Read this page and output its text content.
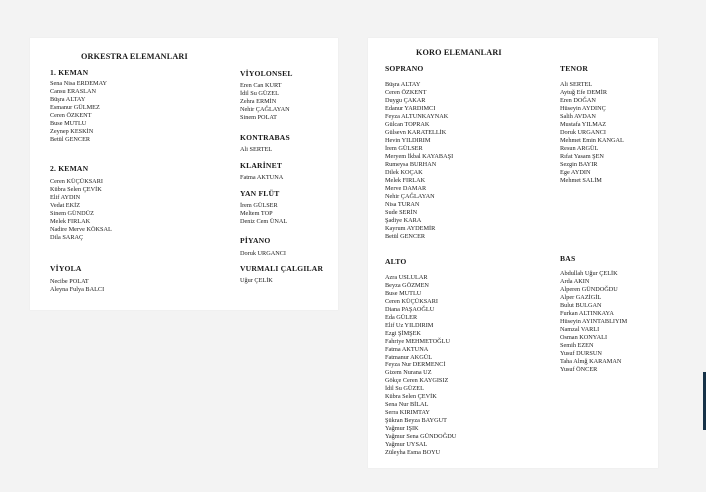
ORKESTRA ELEMANLARI
1. KEMAN
Sena Nisa ERDEMAY
Cansu ERASLAN
Büşra ALTAY
Esmanur GÜLMEZ
Ceren ÖZKENT
Buse MUTLU
Zeynep KESKİN
Betül GENCER
2. KEMAN
Ceren KÜÇÜKSARI
Kübra Selen ÇEVİK
Elif AYDIN
Vedat EKİZ
Sinem GÜNDÜZ
Melek FIRLAK
Nadire Merve KÖKSAL
Dila SARAÇ
VİYOLA
Necibe POLAT
Aleyna Fulya BALCI
VİYOLONSEL
Eren Can KURT
İdil Su GÜZEL
Zehra ERMİN
Nehir ÇAĞLAYAN
Sinem POLAT
KONTRABAS
Ali SERTEL
KLARİNET
Fatma AKTUNA
YAN FLÜT
İrem GÜLSER
Meltem TOP
Deniz Cem ÜNAL
PİYANO
Doruk URGANCI
VURMALI ÇALGILAR
Uğur ÇELİK
KORO ELEMANLARI
SOPRANO
Büşra ALTAY
Ceren ÖZKENT
Duygu ÇAKAR
Edanur YARDIMCI
Feyza ALTUNKAYNAK
Gülcan TOPRAK
Gülsevn KARATELLİK
Hevin YILDIRIM
İrem GÜLSER
Meryem İkbal KAYABAŞI
Rumeysa BURHAN
Dilek KOÇAK
Melek FIRLAK
Merve DAMAR
Nehir ÇAĞLAYAN
Nisa TURAN
Sude SERİN
Şadiye KARA
Kayrum AYDEMİR
Betül GENCER
TENOR
Ali SERTEL
Aytuğ Efe DEMİR
Eren DOĞAN
Hüseyin AYDINÇ
Salih AVDAN
Mustafa YILMAZ
Doruk URGANCI
Mehmet Emin KANGAL
Resun ARGÜL
Rıfat Yasam ŞEN
Sezgin BAYIR
Ege AYDIN
Mehmet SALİM
ALTO
Azra USLULAR
Beyza GÖZMEN
Buse MUTLU
Ceren KÜÇÜKSARI
Diana PAŞAOĞLU
Eda GÜLER
Elif Uz YILDIRIM
Ezgi ŞİMŞEK
Fahriye MEHMETOĞLU
Fatma AKTUNA
Fatmanur AKGÜL
Feyza Nur DERMENCİ
Gizem Nurana UZ
Gökçe Ceren KAYGISIZ
İdil Su GÜZEL
Kübra Selen ÇEVİK
Sena Nur BİLAL
Serra KIRIMTAY
Şükran Beyza BAYGUT
Yağmur IŞIK
Yağmur Sena GÜNDOĞDU
Yağmur UYSAL
Züleyha Esma BOYU
BAS
Abdullah Uğur ÇELİK
Arda AKIN
Alperen GÜNDOĞDU
Alper GAZİGİL
Bulut BULGAN
Furkan ALTINKAYA
Hüseyin AYINTABLIYIM
Namzal VARLI
Osman KONYALI
Semih EZEN
Yusuf DURSUN
Taha Almğ KARAMAN
Yusuf ÖNCER
